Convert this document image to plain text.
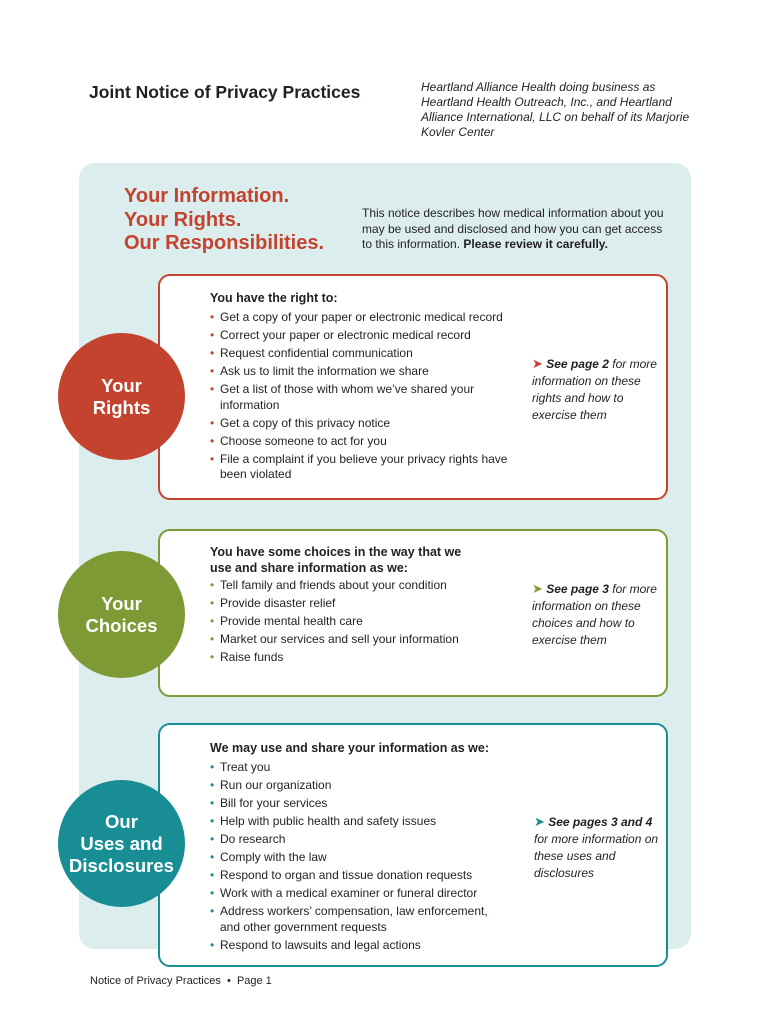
Joint Notice of Privacy Practices	Heartland Alliance Health doing business as Heartland Health Outreach, Inc., and Heartland Alliance International, LLC on behalf of its Marjorie Kovler Center
Your Information.
Your Rights.
Our Responsibilities.
This notice describes how medical information about you may be used and disclosed and how you can get access to this information. Please review it carefully.
You have the right to:
• Get a copy of your paper or electronic medical record
• Correct your paper or electronic medical record
• Request confidential communication
• Ask us to limit the information we share
• Get a list of those with whom we’ve shared your information
• Get a copy of this privacy notice
• Choose someone to act for you
• File a complaint if you believe your privacy rights have been violated
➤ See page 2 for more information on these rights and how to exercise them
Your
Rights
You have some choices in the way that we use and share information as we:
• Tell family and friends about your condition
• Provide disaster relief
• Provide mental health care
• Market our services and sell your information
• Raise funds
➤ See page 3 for more information on these choices and how to exercise them
Your
Choices
We may use and share your information as we:
• Treat you
• Run our organization
• Bill for your services
• Help with public health and safety issues
• Do research
• Comply with the law
• Respond to organ and tissue donation requests
• Work with a medical examiner or funeral director
• Address workers’ compensation, law enforcement, and other government requests
• Respond to lawsuits and legal actions
➤ See pages 3 and 4 for more information on these uses and disclosures
Our
Uses and
Disclosures
Notice of Privacy Practices • Page 1
